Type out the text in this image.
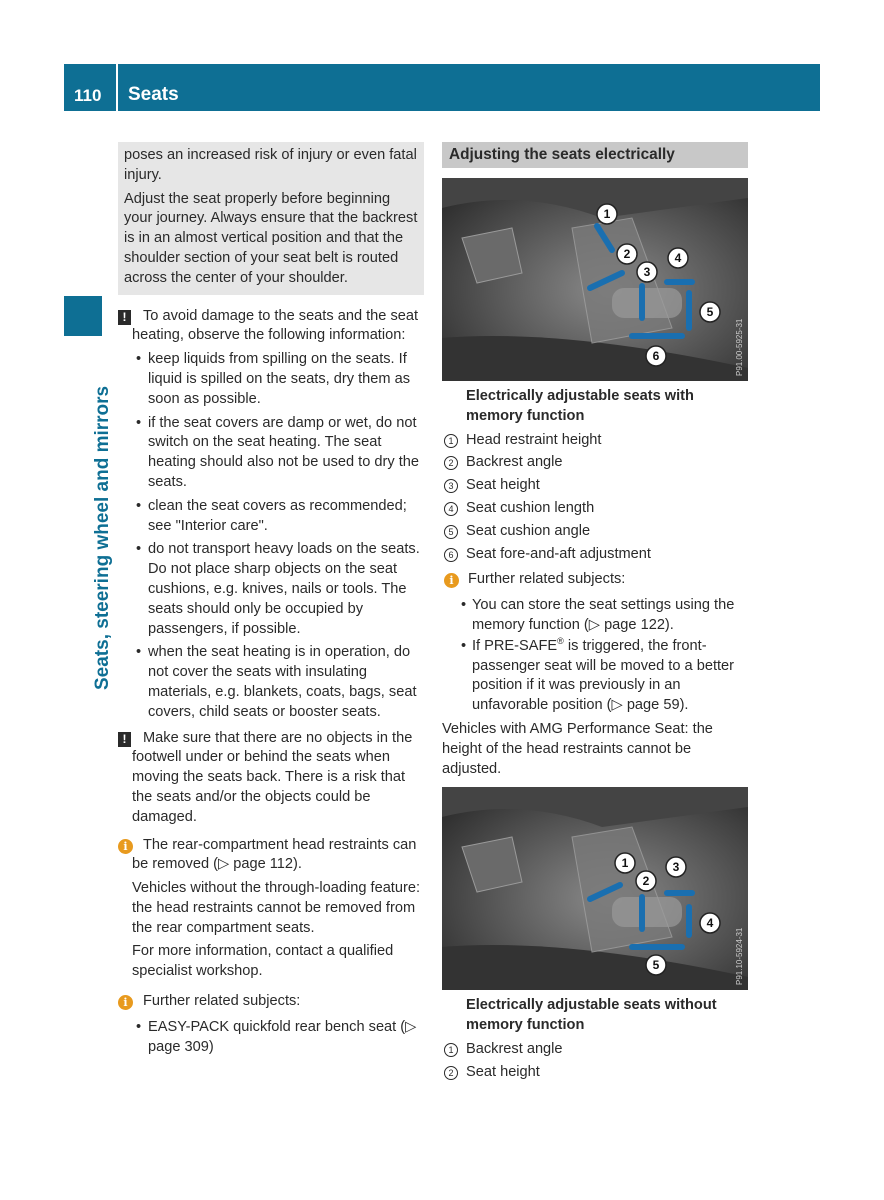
110 Seats
Seats, steering wheel and mirrors

poses an increased risk of injury or even fatal injury.

Adjust the seat properly before beginning your journey. Always ensure that the backrest is in an almost vertical position and that the shoulder section of your seat belt is routed across the center of your shoulder.

!	To avoid damage to the seats and the seat heating, observe the following information:

• keep liquids from spilling on the seats. If liquid is spilled on the seats, dry them as soon as possible.
• if the seat covers are damp or wet, do not switch on the seat heating. The seat heating should also not be used to dry the seats.
• clean the seat covers as recommended; see "Interior care".
• do not transport heavy loads on the seats. Do not place sharp objects on the seat cushions, e.g. knives, nails or tools. The seats should only be occupied by passengers, if possible.
• when the seat heating is in operation, do not cover the seats with insulating materials, e.g. blankets, coats, bags, seat covers, child seats or booster seats.
!	Make sure that there are no objects in the footwell under or behind the seats when moving the seats back. There is a risk that the seats and/or the objects could be damaged.

i	The rear-compartment head restraints can be removed (▷ page 112).

Vehicles without the through-loading feature: the head restraints cannot be removed from the rear compartment seats.

For more information, contact a qualified specialist workshop.

i	Further related subjects:

• EASY-PACK quickfold rear bench seat (▷ page 309)
Adjusting the seats electrically
1
2
3
4
5
6	P91.00-5925-31

Electrically adjustable seats with memory function

1 Head restraint height
2 Backrest angle
3 Seat height
4 Seat cushion length
5 Seat cushion angle
6 Seat fore-and-aft adjustment
i Further related subjects:

• You can store the seat settings using the memory function (▷ page 122).
• If PRE-SAFE® is triggered, the front-passenger seat will be moved to a better position if it was previously in an unfavorable position (▷ page 59).

Vehicles with AMG Performance Seat: the height of the head restraints cannot be adjusted.

1
2
3
4
5	P91.10-5924-31

Electrically adjustable seats without memory function

1 Backrest angle
2 Seat height
